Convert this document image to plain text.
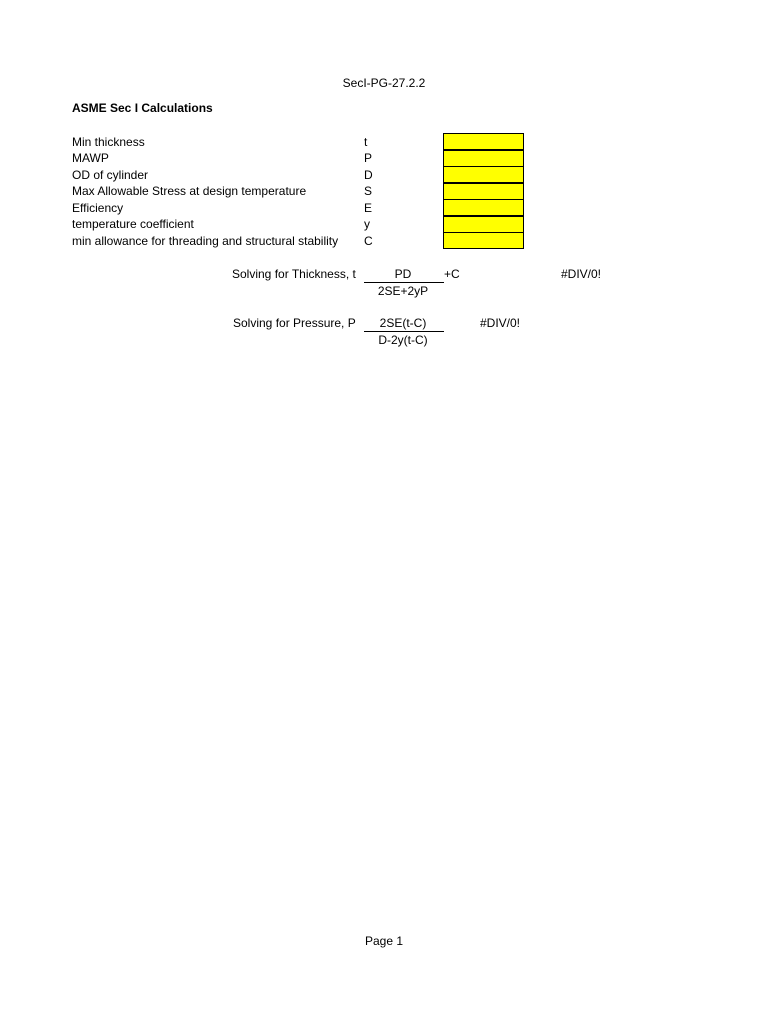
SecI-PG-27.2.2
ASME Sec I Calculations
Min thickness	t
MAWP	P
OD of cylinder	D
Max Allowable Stress at design temperature	S
Efficiency	E
temperature coefficient	y
min allowance for threading and structural stability C
Solving for Thickness, t	PD
2SE+2yP
+C	#DIV/0!
Solving for Pressure, P	2SE(t-C)
D-2y(t-C)
#DIV/0!
Page 1
